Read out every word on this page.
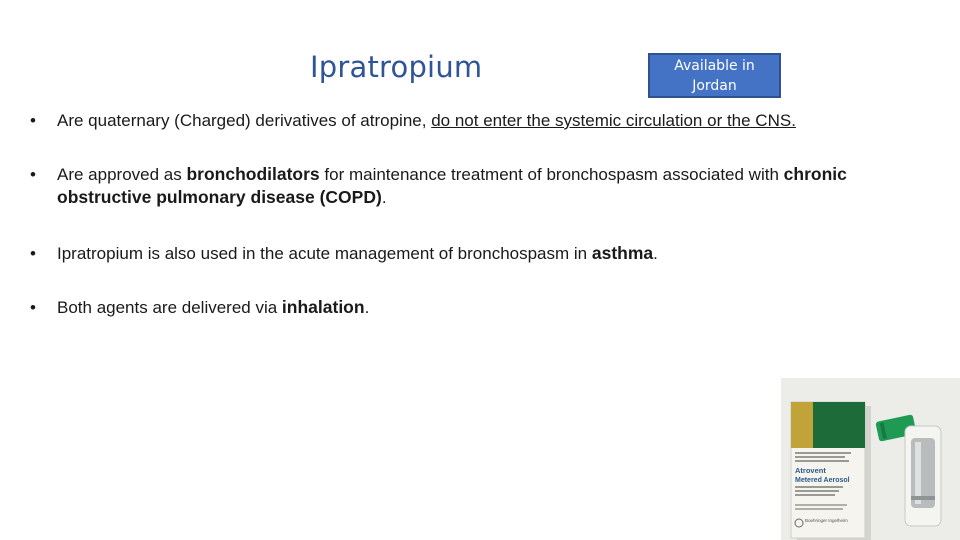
Ipratropium	Available in Jordan
•	Are quaternary (Charged) derivatives of atropine, do not enter the systemic circulation or the CNS.
•	Are approved as bronchodilators for maintenance treatment of bronchospasm associated with chronic obstructive pulmonary disease (COPD).
•	Ipratropium is also used in the acute management of bronchospasm in asthma.
•	Both agents are delivered via inhalation.
Atrovent
Metered Aerosol
Boehringer Ingelheim
